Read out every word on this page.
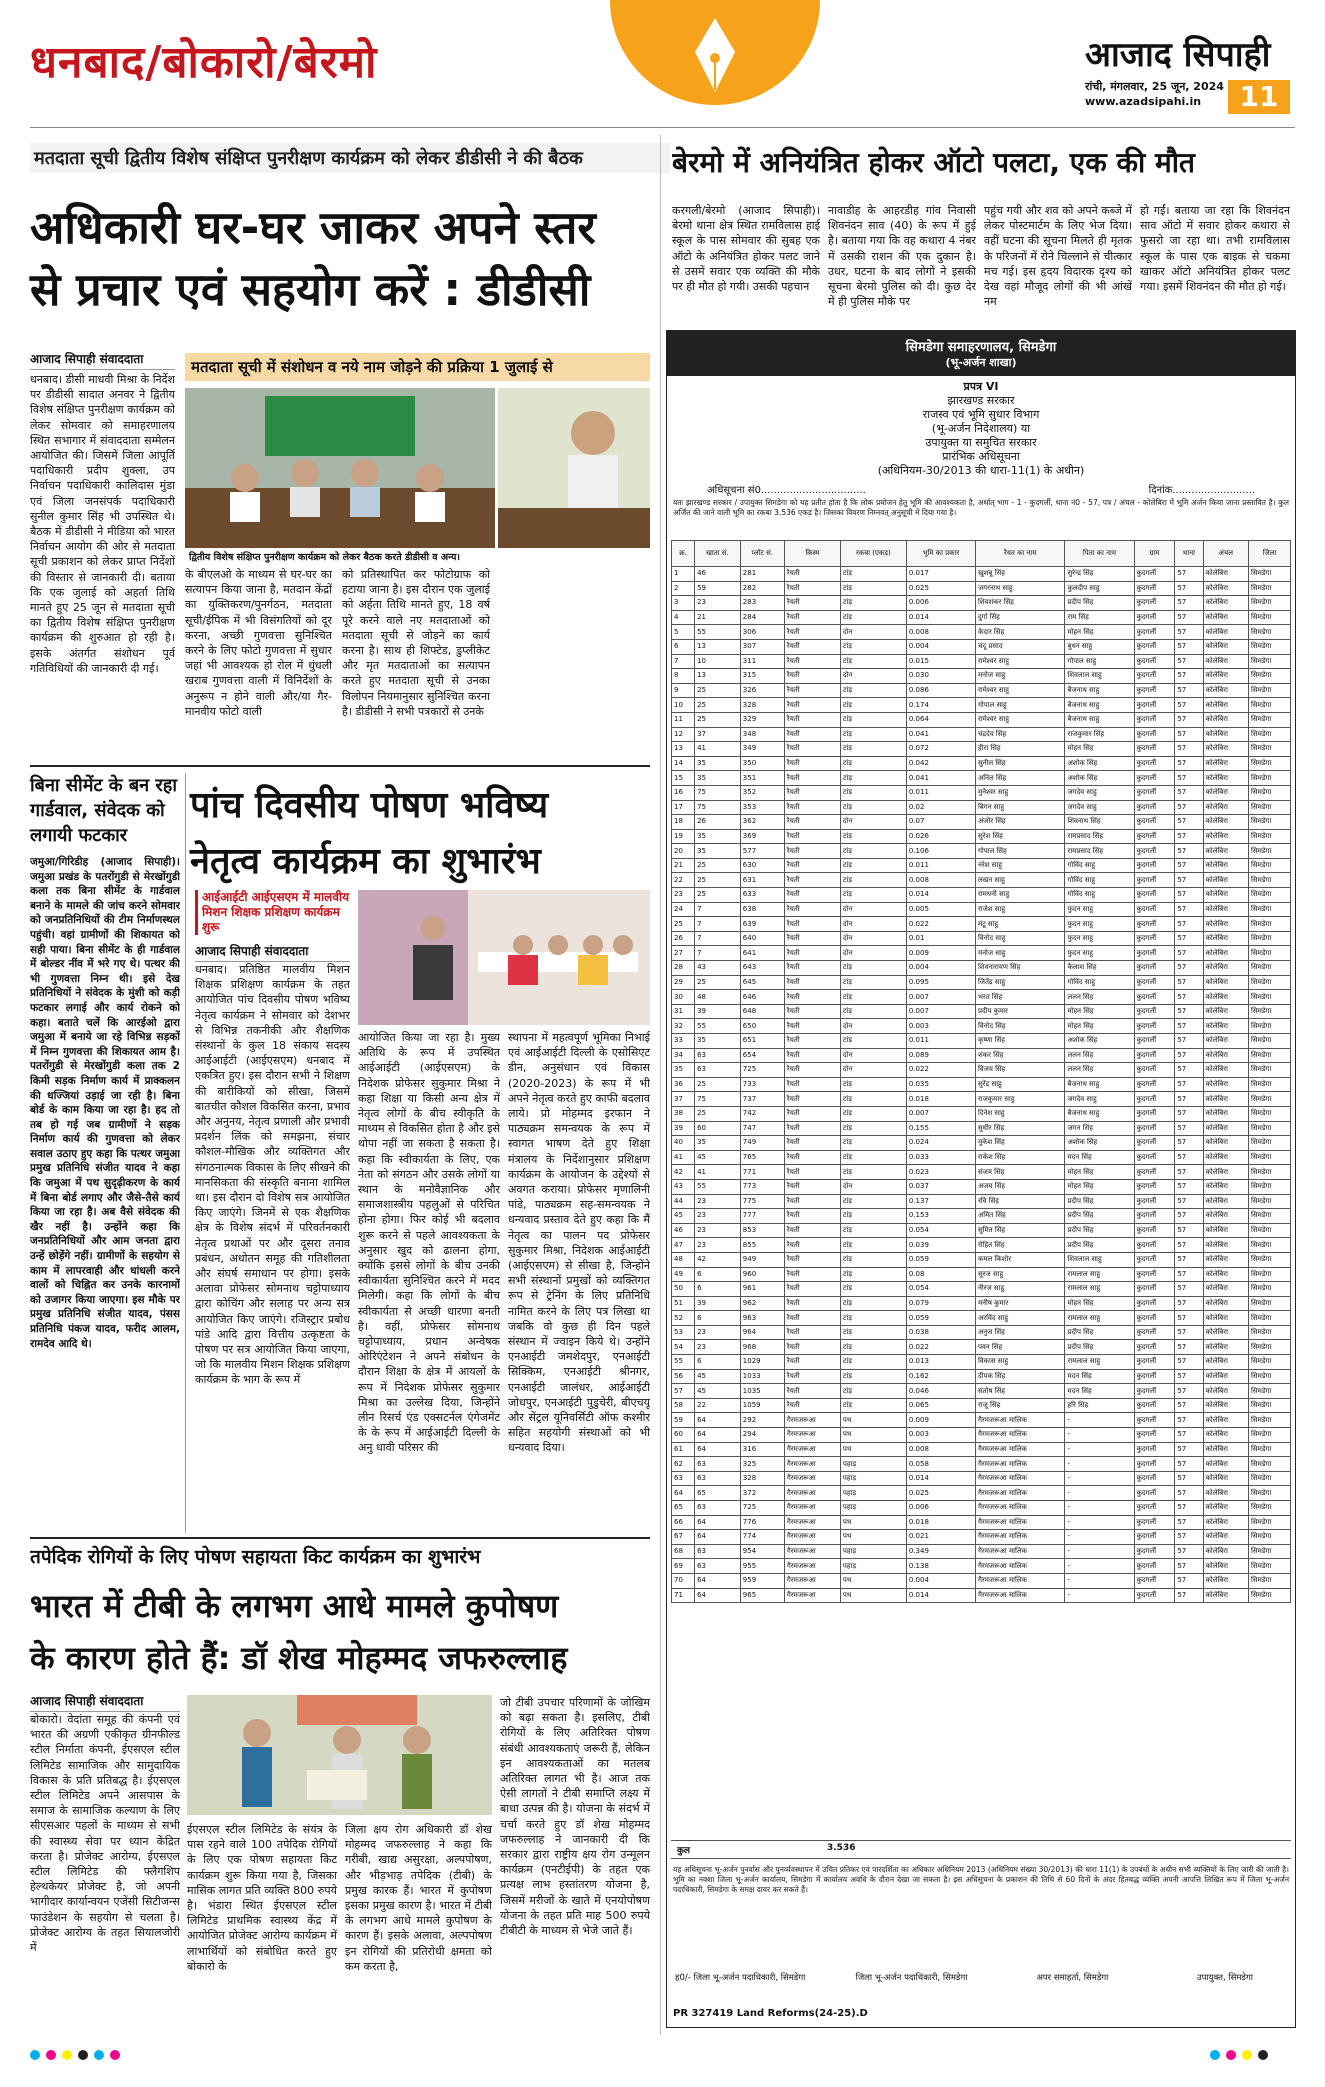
धनबाद/बोकारो/बेरमो	आजाद सिपाही
रांची, मंगलवार, 25 जून, 2024
www.azadsipahi.in	11
मतदाता सूची द्वितीय विशेष संक्षिप्त पुनरीक्षण कार्यक्रम को लेकर डीडीसी ने की बैठक
अधिकारी घर-घर जाकर अपने स्तर
से प्रचार एवं सहयोग करें : डीडीसी
आजाद सिपाही संवाददाता
धनबाद। डीसी माधवी मिश्रा के निर्देश पर डीडीसी सादात अनवर ने द्वितीय विशेष संक्षिप्त पुनरीक्षण कार्यक्रम को लेकर सोमवार को समाहरणालय स्थित सभागार में संवाददाता सम्मेलन आयोजित की। जिसमें जिला आपूर्ति पदाधिकारी प्रदीप शुक्ला, उप निर्वाचन पदाधिकारी कालिदास मुंडा एवं जिला जनसंपर्क पदाधिकारी सुनील कुमार सिंह भी उपस्थित थे। बैठक में डीडीसी ने मीडिया को भारत निर्वाचन आयोग की ओर से मतदाता सूची प्रकाशन को लेकर प्राप्त निर्देशों की विस्तार से जानकारी दी। बताया कि एक जुलाई को अहर्ता तिथि मानते हुए 25 जून से मतदाता सूची का द्वितीय विशेष संक्षिप्त पुनरीक्षण कार्यक्रम की शुरुआत हो रही है। इसके अंतर्गत संशोधन पूर्व गतिविधियों की जानकारी दी गई।
मतदाता सूची में संशोधन व नये नाम जोड़ने की प्रक्रिया 1 जुलाई से
द्वितीय विशेष संक्षिप्त पुनरीक्षण कार्यक्रम को लेकर बैठक करते डीडीसी व अन्य।
के बीएलओ के माध्यम से घर-घर का सत्यापन किया जाना है, मतदान केंद्रों का युक्तिकरण/पुनर्गठन, मतदाता सूची/ईपिक में भी विसंगतियों को दूर करना, अच्छी गुणवत्ता सुनिश्चित करने के लिए फोटो गुणवत्ता में सुधार जहां भी आवश्यक हो रोल में धुंधली खराब गुणवत्ता वाली में विनिर्देशों के अनुरूप न होने वाली और/या गैर- मानवीय फोटो वाली
को प्रतिस्थापित कर फोटोग्राफ को हटाया जाना है। इस दौरान एक जुलाई को अर्हता तिथि मानते हुए, 18 वर्ष पूरे करने वाले नए मतदाताओं को मतदाता सूची से जोड़ने का कार्य करना है। साथ ही शिफ्टेड, डुप्लीकेट और मृत मतदाताओं का सत्यापन करते हुए मतदाता सूची से उनका विलोपन नियमानुसार सुनिश्चित करना है। डीडीसी ने सभी पत्रकारों से उनके
बिना सीमेंट के बन रहा गार्डवाल, संवेदक को लगायी फटकार
जमुआ/गिरिडीह (आजाद सिपाही)। जमुआ प्रखंड के पतरोंगुडी से मेरखोंगुडी कला तक बिना सीमेंट के गार्डवाल बनाने के मामले की जांच करने सोमवार को जनप्रतिनिधियों की टीम निर्माणस्थल पहुंची। वहां ग्रामीणों की शिकायत को सही पाया। बिना सीमेंट के ही गार्डवाल में बोल्डर नींव में भरे गए थे। पत्थर की भी गुणवत्ता निम्न थी। इसे देख प्रतिनिधियों ने संवेदक के मुंशी को कड़ी फटकार लगाई और कार्य रोकने को कहा। बताते चलें कि आरईओ द्वारा जमुआ में बनाये जा रहे विभिन्न सड़कों में निम्न गुणवत्ता की शिकायत आम है। पतरोंगुडी से मेरखोंगुडी कला तक 2 किमी सड़क निर्माण कार्य में प्राक्कलन की धज्जियां उड़ाई जा रही है। बिना बोर्ड के काम किया जा रहा है। हद तो तब हो गई जब ग्रामीणों ने सड़क निर्माण कार्य की गुणवत्ता को लेकर सवाल उठाए हुए कहा कि पत्थर जमुआ प्रमुख प्रतिनिधि संजीत यादव ने कहा कि जमुआ में पथ सुदृढ़ीकरण के कार्य में बिना बोर्ड लगाए और जैसे-तैसे कार्य किया जा रहा है। अब वैसे संवेदक की खैर नहीं है। उन्होंने कहा कि जनप्रतिनिधियों और आम जनता द्वारा उन्हें छोड़ेंगे नहीं। ग्रामीणों के सहयोग से काम में लापरवाही और धांधली करने वालों को चिह्नित कर उनके कारनामों को उजागर किया जाएगा। इस मौके पर प्रमुख प्रतिनिधि संजीत यादव, पंसस प्रतिनिधि पंकज यादव, फरीद आलम, रामदेव आदि थे।
पांच दिवसीय पोषण भविष्य
नेतृत्व कार्यक्रम का शुभारंभ
आईआईटी आईएसएम में मालवीय मिशन शिक्षक प्रशिक्षण कार्यक्रम शुरू
आजाद सिपाही संवाददाता
धनबाद। प्रतिष्ठित मालवीय मिशन शिक्षक प्रशिक्षण कार्यक्रम के तहत आयोजित पांच दिवसीय पोषण भविष्य नेतृत्व कार्यक्रम ने सोमवार को देशभर से विभिन्न तकनीकी और शैक्षणिक संस्थानों के कुल 18 संकाय सदस्य आईआईटी (आईएसएम) धनबाद में एकत्रित हुए। इस दौरान सभी ने शिक्षण की बारीकियों को सीखा, जिसमें बातचीत कौशल विकसित करना, प्रभाव और अनुनय, नेतृत्व प्रणाली और प्रभावी प्रदर्शन लिंक को समझना, संचार कौशल-मौखिक और व्यक्तिगत और संगठनात्मक विकास के लिए सीखने की मानसिकता की संस्कृति बनाना शामिल था। इस दौरान दो विशेष सत्र आयोजित किए जाएंगे। जिनमें से एक शैक्षणिक क्षेत्र के विशेष संदर्भ में परिवर्तनकारी नेतृत्व प्रथाओं पर और दूसरा तनाव प्रबंधन, अधोतन समूह की गतिशीलता और संघर्ष समाधान पर होगा। इसके अलावा प्रोफेसर सोमनाथ चट्टोपाध्याय द्वारा कोचिंग और सलाह पर अन्य सत्र आयोजित किए जाएंगे। रजिस्ट्रार प्रबोध पांडे आदि द्वारा वित्तीय उत्कृष्टता के पोषण पर सत्र आयोजित किया जाएगा, जो कि मालवीय मिशन शिक्षक प्रशिक्षण कार्यक्रम के भाग के रूप में
आयोजित किया जा रहा है। मुख्य अतिथि के रूप में उपस्थित आईआईटी (आईएसएम) के निदेशक प्रोफेसर सुकुमार मिश्रा ने कहा शिक्षा या किसी अन्य क्षेत्र में नेतृत्व लोगों के बीच स्वीकृति के माध्यम से विकसित होता है और इसे थोपा नहीं जा सकता है सकता है। कहा कि स्वीकार्यता के लिए, एक नेता को संगठन और उसके लोगों या स्थान के मनोवैज्ञानिक और समाजशास्त्रीय पहलुओं से परिचित होना होगा। फिर कोई भी बदलाव शुरू करने से पहले आवश्यकता के अनुसार खुद को ढालना होगा, क्योंकि इससे लोगों के बीच उनकी स्वीकार्यता सुनिश्चित करने में मदद मिलेगी। कहा कि लोगों के बीच स्वीकार्यता से अच्छी धारणा बनती है। वहीं, प्रोफेसर सोमनाथ चट्टोपाध्याय, प्रधान अन्वेषक ओरिएंटेशन ने अपने संबोधन के दौरान शिक्षा के क्षेत्र में आयलों के रूप में निदेशक प्रोफेसर सुकुमार मिश्रा का उल्लेख दिया, जिन्होंने लीन रिसर्च एंड एक्सटर्नल एंगेजमेंट के के रूप में आईआईटी दिल्ली के अनु धावी परिसर की
स्थापना में महत्वपूर्ण भूमिका निभाई एवं आईआईटी दिल्ली के एसोसिएट डीन, अनुसंधान एवं विकास (2020-2023) के रूप में भी अपने नेतृत्व करते हुए काफी बदलाव लाये। प्रो मोहम्मद इरफान ने पाठ्यक्रम समन्वयक के रूप में स्वागत भाषण देते हुए शिक्षा मंत्रालय के निर्देशानुसार प्रशिक्षण कार्यक्रम के आयोजन के उद्देश्यों से अवगत कराया। प्रोफेसर मृणालिनी पांडे, पाठ्यक्रम सह-समन्वयक ने धन्यवाद प्रस्ताव देते हुए कहा कि मैं नेतृत्व का पालन पद प्रोफेसर सुकुमार मिश्रा, निदेशक आईआईटी (आईएसएम) से सीखा है, जिन्होंने सभी संस्थानों प्रमुखों को व्यक्तिगत रूप से ट्रेनिंग के लिए प्रतिनिधि नामित करने के लिए पत्र लिखा था जबकि वो कुछ ही दिन पहले संस्थान में ज्वाइन किये थे। उन्होंने एनआईटी जमशेदपुर, एनआईटी सिक्किम, एनआईटी श्रीनगर, एनआईटी जालंधर, आईआईटी जोधपुर, एनआईटी पुडुचेरी, बीएचयू और सेंट्रल यूनिवर्सिटी ऑफ कश्मीर सहित सहयोगी संस्थाओं को भी धन्यवाद दिया।
तपेदिक रोगियों के लिए पोषण सहायता किट कार्यक्रम का शुभारंभ
भारत में टीबी के लगभग आधे मामले कुपोषण
के कारण होते हैं: डॉ शेख मोहम्मद जफरुल्लाह
आजाद सिपाही संवाददाता
बोकारो। वेदांता समूह की कंपनी एवं भारत की अग्रणी एकीकृत ग्रीनफील्ड स्टील निर्माता कंपनी, ईएसएल स्टील लिमिटेड सामाजिक और सामुदायिक विकास के प्रति प्रतिबद्ध है। ईएसएल स्टील लिमिटेड अपने आसपास के समाज के सामाजिक कल्याण के लिए सीएसआर पहलों के माध्यम से सभी की स्वास्थ्य सेवा पर ध्यान केंद्रित करता है। प्रोजेक्ट आरोग्य, ईएसएल स्टील लिमिटेड की फ्लैगशिप हेल्थकेयर प्रोजेक्ट है, जो अपनी भागीदार कार्यान्वयन एजेंसी सिटीजन्स फाउंडेशन के सहयोग से चलता है। प्रोजेक्ट आरोग्य के तहत सियालजोरी में
ईएसएल स्टील लिमिटेड के संयंत्र के पास रहने वाले 100 तपेदिक रोगियों के लिए एक पोषण सहायता किट कार्यक्रम शुरू किया गया है, जिसका मासिक लागत प्रति व्यक्ति 800 रुपये है। भंडारा स्थित ईएसएल स्टील लिमिटेड प्राथमिक स्वास्थ्य केंद्र में आयोजित प्रोजेक्ट आरोग्य कार्यक्रम में लाभार्थियों को संबोधित करते हुए बोकारो के
जिला क्षय रोग अधिकारी डॉ शेख मोहम्मद जफरुल्लाह ने कहा कि गरीबी, खाद्य असुरक्षा, अल्पपोषण, और भीड़भाड़ तपेदिक (टीबी) के प्रमुख कारक हैं। भारत में कुपोषण इसका प्रमुख कारण है। भारत में टीबी के लगभग आधे मामले कुपोषण के कारण हैं। इसके अलावा, अल्पपोषण इन रोगियों की प्रतिरोधी क्षमता को कम करता है,
जो टीबी उपचार परिणामों के जोखिम को बढ़ा सकता है। इसलिए, टीबी रोगियों के लिए अतिरिक्त पोषण संबंधी आवश्यकताएं जरूरी हैं, लेकिन इन आवश्यकताओं का मतलब अतिरिक्त लागत भी है। आज तक ऐसी लागतों ने टीबी समाप्ति लक्ष्य में बाधा उत्पन्न की है। योजना के संदर्भ में चर्चा करते हुए डॉ शेख मोहम्मद जफरुल्लाह ने जानकारी दी कि सरकार द्वारा राष्ट्रीय क्षय रोग उन्मूलन कार्यक्रम (एनटीईपी) के तहत एक प्रत्यक्ष लाभ हस्तांतरण योजना है, जिसमें मरीजों के खाते में एनयोपोषण योजना के तहत प्रति माह 500 रुपये टीबीटी के माध्यम से भेजे जाते हैं।
बेरमो में अनियंत्रित होकर ऑटो पलटा, एक की मौत
करगली/बेरमो (आजाद सिपाही)। बेरमो थाना क्षेत्र स्थित रामविलास हाई स्कूल के पास सोमवार की सुबह एक ऑटो के अनियंत्रित होकर पलट जाने से उसमें सवार एक व्यक्ति की मौके पर ही मौत हो गयी। उसकी पहचान
नावाडीह के आहरडीह गांव निवासी शिवनंदन साव (40) के रूप में हुई है। बताया गया कि वह कथारा 4 नंबर में उसकी राशन की एक दुकान है। उधर, घटना के बाद लोगों ने इसकी सूचना बेरमो पुलिस को दी। कुछ देर में ही पुलिस मौके पर
पहुंच गयी और शव को अपने कब्जे में लेकर पोस्टमार्टम के लिए भेज दिया। वहीं घटना की सूचना मिलते ही मृतक के परिजनों में रोने चिल्लाने से चीत्कार मच गई। इस हृदय विदारक दृश्य को देख वहां मौजूद लोगों की भी आंखें नम
हो गईं। बताया जा रहा कि शिवनंदन साव ऑटो में सवार होकर कथारा से फुसरो जा रहा था। तभी रामविलास स्कूल के पास एक बाइक से चकमा खाकर ऑटो अनियंत्रित होकर पलट गया। इसमें शिवनंदन की मौत हो गई।
सिमडेगा समाहरणालय, सिमडेगा
(भू-अर्जन शाखा)
प्रपत्र VI
झारखण्ड सरकार
राजस्व एवं भूमि सुधार विभाग
(भू-अर्जन निदेशालय) या
उपायुक्त या समुचित सरकार
प्रारंभिक अधिसूचना
(अधिनियम-30/2013 की धारा-11(1) के अधीन)
अधिसूचना सं0.................................	दिनांक..........................
यतः झारखण्ड सरकार / उपायुक्त सिमडेगा को यह प्रतीत होता है कि लोक प्रयोजन हेतु भूमि की आवश्यकता है, अर्थात् भाग - 1 - कुदगर्ली, थाना नं0 - 57, पत्र / अंचल - कोलेबिरा में भूमि अर्जन किया जाना प्रस्तावित है। कुल अर्जित की जाने वाली भूमि का रकबा 3.536 एकड़ है। जिसका विवरण निम्नवत् अनुसूची में दिया गया है।
क्र.	खाता सं.	प्लॉट सं.	किस्म	रकबा (एकड़)	भूमि का प्रकार	रैयत का नाम	पिता का नाम	ग्राम	थाना	अंचल	जिला
1	46	281	रैयती	टांड़	0.017	खुशबू सिंह	सुरेन्द्र सिंह	कुदगर्ली	57	कोलेबिरा	सिमडेगा
2	59	282	रैयती	टांड़	0.025	जगरनाथ साहु	कुलदीप साहु	कुदगर्ली	57	कोलेबिरा	सिमडेगा
3	23	283	रैयती	टांड़	0.006	शिवशंकर सिंह	प्रदीप सिंह	कुदगर्ली	57	कोलेबिरा	सिमडेगा
4	21	284	रैयती	टांड़	0.014	दुर्गा सिंह	राम सिंह	कुदगर्ली	57	कोलेबिरा	सिमडेगा
5	55	306	रैयती	दोन	0.008	केदार सिंह	मोहन सिंह	कुदगर्ली	57	कोलेबिरा	सिमडेगा
6	13	307	रैयती	टांड़	0.004	चंदू प्रसाद	बुधन साहु	कुदगर्ली	57	कोलेबिरा	सिमडेगा
7	10	311	रैयती	टांड़	0.015	रामेश्वर साहु	गोपाल साहु	कुदगर्ली	57	कोलेबिरा	सिमडेगा
8	13	315	रैयती	दोन	0.030	मनोज साहु	शिवलाल साहु	कुदगर्ली	57	कोलेबिरा	सिमडेगा
9	25	326	रैयती	टांड़	0.086	रामेश्वर साहु	बैजनाथ साहु	कुदगर्ली	57	कोलेबिरा	सिमडेगा
10	25	328	रैयती	टांड़	0.174	गोपाल साहु	बैजनाथ साहु	कुदगर्ली	57	कोलेबिरा	सिमडेगा
11	25	329	रैयती	टांड़	0.064	रामेश्वर साहु	बैजनाथ साहु	कुदगर्ली	57	कोलेबिरा	सिमडेगा
12	37	348	रैयती	टांड़	0.041	चंद्रदेव सिंह	राजकुमार सिंह	कुदगर्ली	57	कोलेबिरा	सिमडेगा
13	41	349	रैयती	टांड़	0.072	हीरा सिंह	मोहन सिंह	कुदगर्ली	57	कोलेबिरा	सिमडेगा
14	35	350	रैयती	टांड़	0.042	सुनील सिंह	अशोक सिंह	कुदगर्ली	57	कोलेबिरा	सिमडेगा
15	35	351	रैयती	टांड़	0.041	अनिल सिंह	अशोक सिंह	कुदगर्ली	57	कोलेबिरा	सिमडेगा
16	75	352	रैयती	टांड़	0.011	मुनेश्वर साहु	जगदेव साहु	कुदगर्ली	57	कोलेबिरा	सिमडेगा
17	75	353	रैयती	टांड़	0.02	बिगन साहु	जगदेव साहु	कुदगर्ली	57	कोलेबिरा	सिमडेगा
18	26	362	रैयती	दोन	0.07	अंजोर सिंह	शिवनाथ सिंह	कुदगर्ली	57	कोलेबिरा	सिमडेगा
19	35	369	रैयती	टांड़	0.026	सुरेश सिंह	रामप्रसाद सिंह	कुदगर्ली	57	कोलेबिरा	सिमडेगा
20	35	577	रैयती	टांड़	0.106	गोपाल सिंह	रामप्रसाद सिंह	कुदगर्ली	57	कोलेबिरा	सिमडेगा
21	25	630	रैयती	टांड़	0.011	नरेश साहु	गोविंद साहु	कुदगर्ली	57	कोलेबिरा	सिमडेगा
22	25	631	रैयती	टांड़	0.008	लखन साहु	गोविंद साहु	कुदगर्ली	57	कोलेबिरा	सिमडेगा
23	25	633	रैयती	टांड़	0.014	रामधनी साहु	गोविंद साहु	कुदगर्ली	57	कोलेबिरा	सिमडेगा
24	7	638	रैयती	दोन	0.005	राजेश साहु	फुदन साहु	कुदगर्ली	57	कोलेबिरा	सिमडेगा
25	7	639	रैयती	दोन	0.022	मंटू साहु	फुदन साहु	कुदगर्ली	57	कोलेबिरा	सिमडेगा
26	7	640	रैयती	दोन	0.01	विनोद साहु	फुदन साहु	कुदगर्ली	57	कोलेबिरा	सिमडेगा
27	7	641	रैयती	दोन	0.009	मनोज साहु	फुदन साहु	कुदगर्ली	57	कोलेबिरा	सिमडेगा
28	43	643	रैयती	टांड़	0.004	शिवनारायण सिंह	कैलाश सिंह	कुदगर्ली	57	कोलेबिरा	सिमडेगा
29	25	645	रैयती	टांड़	0.095	जितेंद्र साहु	गोविंद साहु	कुदगर्ली	57	कोलेबिरा	सिमडेगा
30	48	646	रैयती	टांड़	0.007	भरत सिंह	ललन सिंह	कुदगर्ली	57	कोलेबिरा	सिमडेगा
31	39	648	रैयती	टांड़	0.007	प्रदीप कुमार	मोहन सिंह	कुदगर्ली	57	कोलेबिरा	सिमडेगा
32	55	650	रैयती	दोन	0.003	विनोद सिंह	मोहन सिंह	कुदगर्ली	57	कोलेबिरा	सिमडेगा
33	35	651	रैयती	टांड़	0.011	कृष्णा सिंह	अशोक सिंह	कुदगर्ली	57	कोलेबिरा	सिमडेगा
34	63	654	रैयती	दोन	0.089	शंकर सिंह	ललन सिंह	कुदगर्ली	57	कोलेबिरा	सिमडेगा
35	63	725	रैयती	दोन	0.022	विजय सिंह	ललन सिंह	कुदगर्ली	57	कोलेबिरा	सिमडेगा
36	25	733	रैयती	टांड़	0.035	सुरेंद्र साहु	बैजनाथ साहु	कुदगर्ली	57	कोलेबिरा	सिमडेगा
37	75	737	रैयती	टांड़	0.018	राजकुमार साहु	जगदेव साहु	कुदगर्ली	57	कोलेबिरा	सिमडेगा
38	25	742	रैयती	टांड़	0.007	दिनेश साहु	बैजनाथ साहु	कुदगर्ली	57	कोलेबिरा	सिमडेगा
39	60	747	रैयती	टांड़	0.155	सुधीर सिंह	जगन सिंह	कुदगर्ली	57	कोलेबिरा	सिमडेगा
40	35	749	रैयती	टांड़	0.024	मुकेश सिंह	अशोक सिंह	कुदगर्ली	57	कोलेबिरा	सिमडेगा
41	45	765	रैयती	टांड़	0.033	राकेश सिंह	मदन सिंह	कुदगर्ली	57	कोलेबिरा	सिमडेगा
42	41	771	रैयती	टांड़	0.023	संजय सिंह	मोहन सिंह	कुदगर्ली	57	कोलेबिरा	सिमडेगा
43	55	773	रैयती	दोन	0.037	अजय सिंह	मोहन सिंह	कुदगर्ली	57	कोलेबिरा	सिमडेगा
44	23	775	रैयती	टांड़	0.137	रवि सिंह	प्रदीप सिंह	कुदगर्ली	57	कोलेबिरा	सिमडेगा
45	23	777	रैयती	टांड़	0.153	अमित सिंह	प्रदीप सिंह	कुदगर्ली	57	कोलेबिरा	सिमडेगा
46	23	853	रैयती	टांड़	0.054	सुमित सिंह	प्रदीप सिंह	कुदगर्ली	57	कोलेबिरा	सिमडेगा
47	23	855	रैयती	टांड़	0.039	रोहित सिंह	प्रदीप सिंह	कुदगर्ली	57	कोलेबिरा	सिमडेगा
48	42	949	रैयती	टांड़	0.059	कमल किशोर	शिवलाल साहु	कुदगर्ली	57	कोलेबिरा	सिमडेगा
49	6	960	रैयती	टांड़	0.08	सूरज साहु	रामलाल साहु	कुदगर्ली	57	कोलेबिरा	सिमडेगा
50	6	961	रैयती	टांड़	0.054	नीरज साहु	रामलाल साहु	कुदगर्ली	57	कोलेबिरा	सिमडेगा
51	39	962	रैयती	टांड़	0.079	मनीष कुमार	मोहन सिंह	कुदगर्ली	57	कोलेबिरा	सिमडेगा
52	6	963	रैयती	टांड़	0.059	अरविंद साहु	रामलाल साहु	कुदगर्ली	57	कोलेबिरा	सिमडेगा
53	23	964	रैयती	टांड़	0.038	अनुज सिंह	प्रदीप सिंह	कुदगर्ली	57	कोलेबिरा	सिमडेगा
54	23	968	रैयती	टांड़	0.022	पवन सिंह	प्रदीप सिंह	कुदगर्ली	57	कोलेबिरा	सिमडेगा
55	6	1029	रैयती	टांड़	0.013	विकास साहु	रामलाल साहु	कुदगर्ली	57	कोलेबिरा	सिमडेगा
56	45	1033	रैयती	टांड़	0.162	दीपक सिंह	मदन सिंह	कुदगर्ली	57	कोलेबिरा	सिमडेगा
57	45	1035	रैयती	टांड़	0.046	संतोष सिंह	मदन सिंह	कुदगर्ली	57	कोलेबिरा	सिमडेगा
58	22	1059	रैयती	टांड़	0.065	राजू सिंह	हरि सिंह	कुदगर्ली	57	कोलेबिरा	सिमडेगा
59	64	292	गैरमजरूआ	पथ	0.009	गैरमजरूआ मालिक	-	कुदगर्ली	57	कोलेबिरा	सिमडेगा
60	64	294	गैरमजरूआ	पथ	0.003	गैरमजरूआ मालिक	-	कुदगर्ली	57	कोलेबिरा	सिमडेगा
61	64	316	गैरमजरूआ	पथ	0.008	गैरमजरूआ मालिक	-	कुदगर्ली	57	कोलेबिरा	सिमडेगा
62	63	325	गैरमजरूआ	पहाड़	0.058	गैरमजरूआ मालिक	-	कुदगर्ली	57	कोलेबिरा	सिमडेगा
63	63	328	गैरमजरूआ	पहाड़	0.014	गैरमजरूआ मालिक	-	कुदगर्ली	57	कोलेबिरा	सिमडेगा
64	65	372	गैरमजरूआ	पहाड़	0.025	गैरमजरूआ मालिक	-	कुदगर्ली	57	कोलेबिरा	सिमडेगा
65	63	725	गैरमजरूआ	पहाड़	0.006	गैरमजरूआ मालिक	-	कुदगर्ली	57	कोलेबिरा	सिमडेगा
66	64	776	गैरमजरूआ	पथ	0.018	गैरमजरूआ मालिक	-	कुदगर्ली	57	कोलेबिरा	सिमडेगा
67	64	774	गैरमजरूआ	पथ	0.021	गैरमजरूआ मालिक	-	कुदगर्ली	57	कोलेबिरा	सिमडेगा
68	63	954	गैरमजरूआ	पहाड़	0.349	गैरमजरूआ मालिक	-	कुदगर्ली	57	कोलेबिरा	सिमडेगा
69	63	955	गैरमजरूआ	पहाड़	0.138	गैरमजरूआ मालिक	-	कुदगर्ली	57	कोलेबिरा	सिमडेगा
70	64	959	गैरमजरूआ	पथ	0.004	गैरमजरूआ मालिक	-	कुदगर्ली	57	कोलेबिरा	सिमडेगा
71	64	965	गैरमजरूआ	पथ	0.014	गैरमजरूआ मालिक	-	कुदगर्ली	57	कोलेबिरा	सिमडेगा
कुल	3.536
यह अधिसूचना भू-अर्जन पुनर्वास और पुनर्व्यवस्थापन में उचित प्रतिकर एवं पारदर्शिता का अधिकार अधिनियम 2013 (अधिनियम संख्या 30/2013) की धारा 11(1) के उपबंधों के अधीन सभी व्यक्तियों के लिए जारी की जाती है। भूमि का नक्शा जिला भू-अर्जन कार्यालय, सिमडेगा में कार्यालय अवधि के दौरान देखा जा सकता है। इस अधिसूचना के प्रकाशन की तिथि से 60 दिनों के अंदर हितबद्ध व्यक्ति अपनी आपत्ति लिखित रूप में जिला भू-अर्जन पदाधिकारी, सिमडेगा के समक्ष दायर कर सकते हैं।
ह0/- जिला भू-अर्जन पदाधिकारी, सिमडेगा	जिला भू-अर्जन पदाधिकारी, सिमडेगा	अपर समाहर्ता, सिमडेगा	उपायुक्त, सिमडेगा
PR 327419 Land Reforms(24-25).D
